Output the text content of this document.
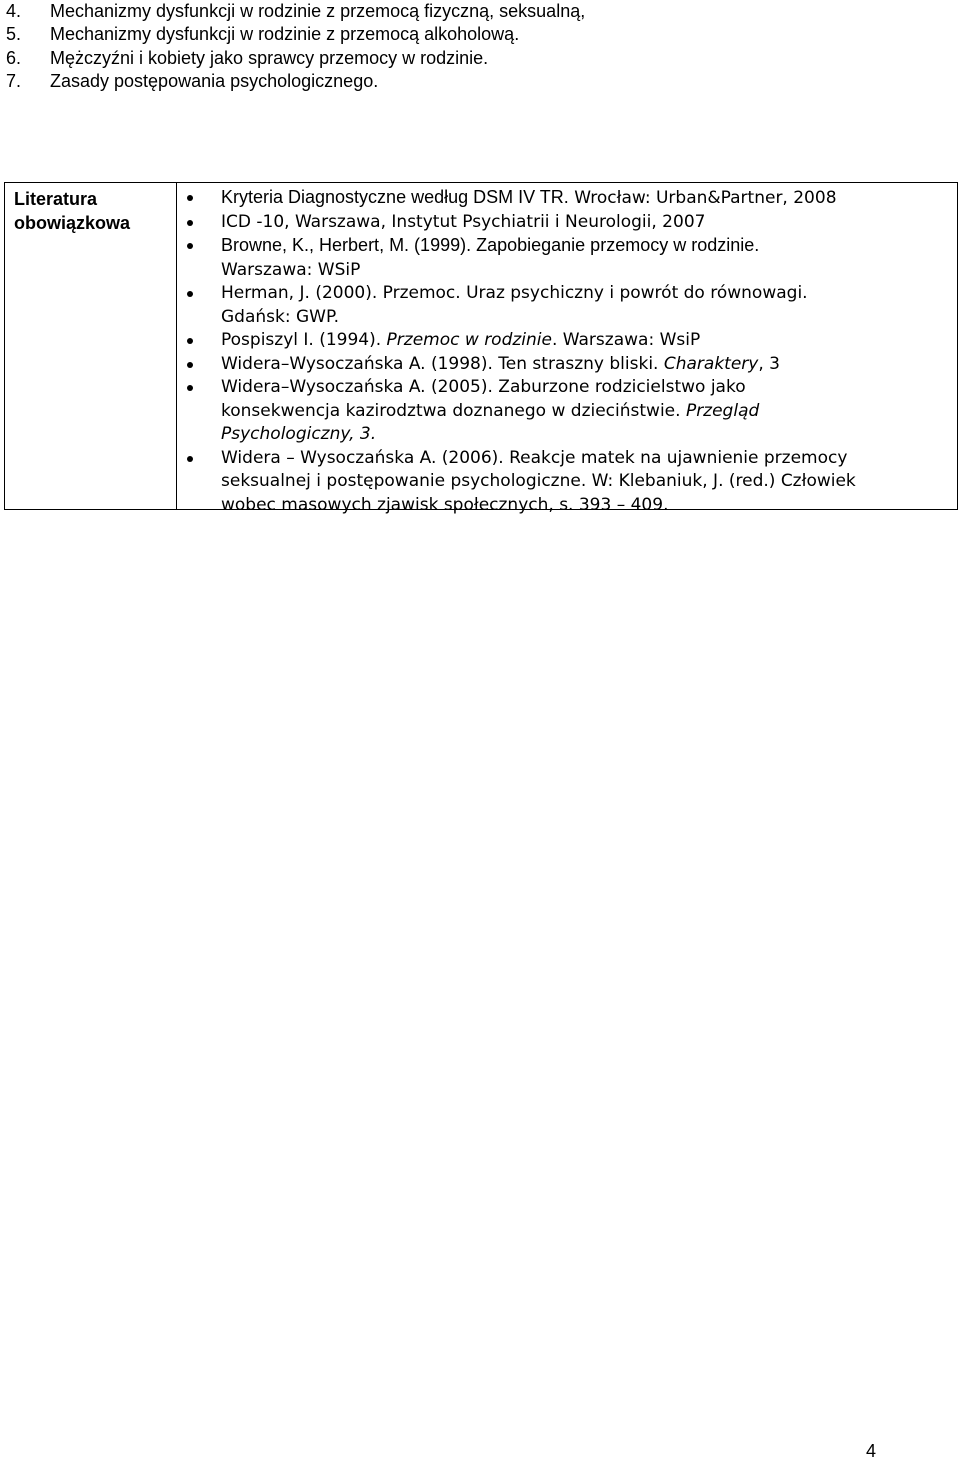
4. Mechanizmy dysfunkcji w rodzinie z przemocą fizyczną, seksualną,
5. Mechanizmy dysfunkcji w rodzinie z przemocą alkoholową.
6. Mężczyźni i kobiety jako sprawcy przemocy w rodzinie.
7. Zasady postępowania psychologicznego.
Literatura
obowiązkowa
Kryteria Diagnostyczne według DSM IV TR. Wrocław: Urban&Partner, 2008
ICD -10, Warszawa, Instytut Psychiatrii i Neurologii, 2007
Browne, K., Herbert, M. (1999). Zapobieganie przemocy w rodzinie.
Warszawa: WSiP
Herman, J. (2000). Przemoc. Uraz psychiczny i powrót do równowagi.
Gdańsk: GWP.
Pospiszyl I. (1994). Przemoc w rodzinie. Warszawa: WsiP
Widera–Wysoczańska A. (1998). Ten straszny bliski. Charaktery, 3
Widera–Wysoczańska A. (2005). Zaburzone rodzicielstwo jako
konsekwencja kazirodztwa doznanego w dzieciństwie. Przegląd
Psychologiczny, 3.
Widera – Wysoczańska A. (2006). Reakcje matek na ujawnienie przemocy
seksualnej i postępowanie psychologiczne. W: Klebaniuk, J. (red.) Człowiek
wobec masowych zjawisk społecznych, s. 393 – 409.
4
